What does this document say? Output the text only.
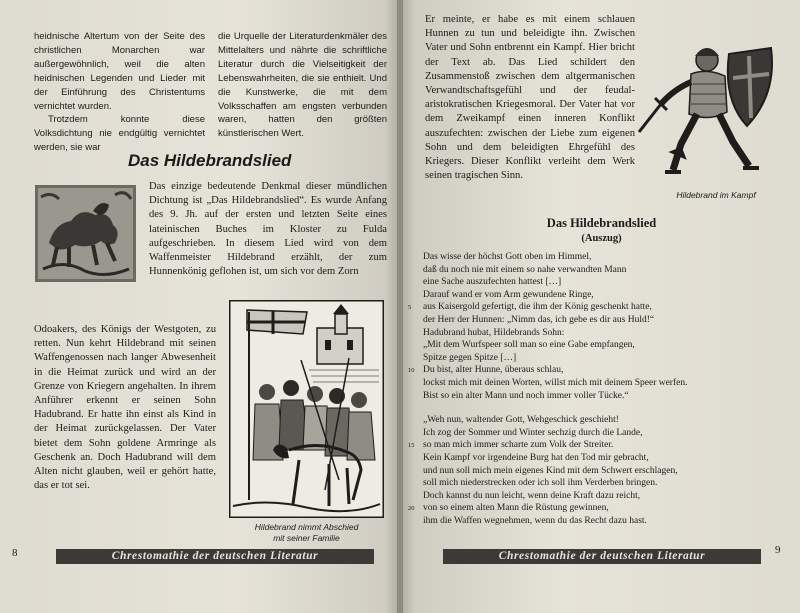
heidnische Altertum von der Seite des christlichen Monarchen war außergewöhnlich, weil die alten heidnischen Legenden und Lieder mit der Einführung des Christentums vernichtet wurden.

Trotzdem konnte diese Volksdichtung nie endgültig vernichtet werden, sie war

die Urquelle der Literaturdenkmäler des Mittelalters und nährte die schriftliche Literatur durch die Vielseitigkeit der Lebenswahrheiten, die sie enthielt. Und die Kunstwerke, die mit dem Volksschaffen am engsten verbunden waren, hatten den größten künstlerischen Wert.

Das Hildebrandslied
Das einzige bedeutende Denkmal dieser mündlichen Dichtung ist „Das Hildebrandslied“. Es wurde Anfang des 9. Jh. auf der ersten und letzten Seite eines lateinischen Buches im Kloster zu Fulda aufgeschrieben. In diesem Lied wird von dem Waffenmeister Hildebrand erzählt, der zum Hunnenkönig geflohen ist, um sich vor dem Zorn
Odoakers, des Königs der Westgoten, zu retten. Nun kehrt Hildebrand mit seinen Waffengenossen nach langer Abwesenheit in die Heimat zurück und wird an der Grenze von Kriegern angehalten. In ihrem Anführer erkennt er seinen Sohn Hadubrand. Er hatte ihn einst als Kind in der Heimat zurückgelassen. Der Vater bietet dem Sohn goldene Armringe als Geschenk an. Doch Hadubrand will dem Alten nicht glauben, weil er gehört hatte, das er tot sei.
Hildebrand nimmt Abschied
mit seiner Familie
8	Chrestomathie der deutschen Literatur
Er meinte, er habe es mit einem schlauen Hunnen zu tun und beleidigte ihn. Zwischen Vater und Sohn entbrennt ein Kampf. Hier bricht der Text ab. Das Lied schildert den Zusammenstoß zwischen dem altgermanischen Verwandtschaftsgefühl und der feudal-aristokratischen Kriegesmoral. Der Vater hat vor dem Zweikampf einen inneren Konflikt auszufechten: zwischen der Liebe zum eigenen Sohn und dem beleidigten Ehrgefühl des Kriegers. Dieser Konflikt verleiht dem Werk seinen tragischen Sinn.
Hildebrand im Kampf
Das Hildebrandslied
(Auszug)
Das wisse der höchst Gott oben im Himmel,
daß du noch nie mit einem so nahe verwandten Mann
eine Sache auszufechten hattest […]
Darauf wand er vom Arm gewundene Ringe,
5 aus Kaisergold gefertigt, die ihm der König geschenkt hatte,
der Herr der Hunnen: „Nimm das, ich gebe es dir aus Huld!“
Hadubrand hubat, Hildebrands Sohn:
„Mit dem Wurfspeer soll man so eine Gabe empfangen,
Spitze gegen Spitze […]
10 Du bist, alter Hunne, überaus schlau,
lockst mich mit deinen Worten, willst mich mit deinem Speer werfen.
Bist so ein alter Mann und noch immer voller Tücke.“
„Weh nun, waltender Gott, Wehgeschick geschieht!
Ich zog der Sommer und Winter sechzig durch die Lande,
15 so man mich immer scharte zum Volk der Streiter.
Kein Kampf vor irgendeine Burg hat den Tod mir gebracht,
und nun soll mich mein eigenes Kind mit dem Schwert erschlagen,
soll mich niederstrecken oder ich soll ihm Verderben bringen.
Doch kannst du nun leicht, wenn deine Kraft dazu reicht,
20 von so einem alten Mann die Rüstung gewinnen,
ihm die Waffen wegnehmen, wenn du das Recht dazu hast.
Chrestomathie der deutschen Literatur	9
